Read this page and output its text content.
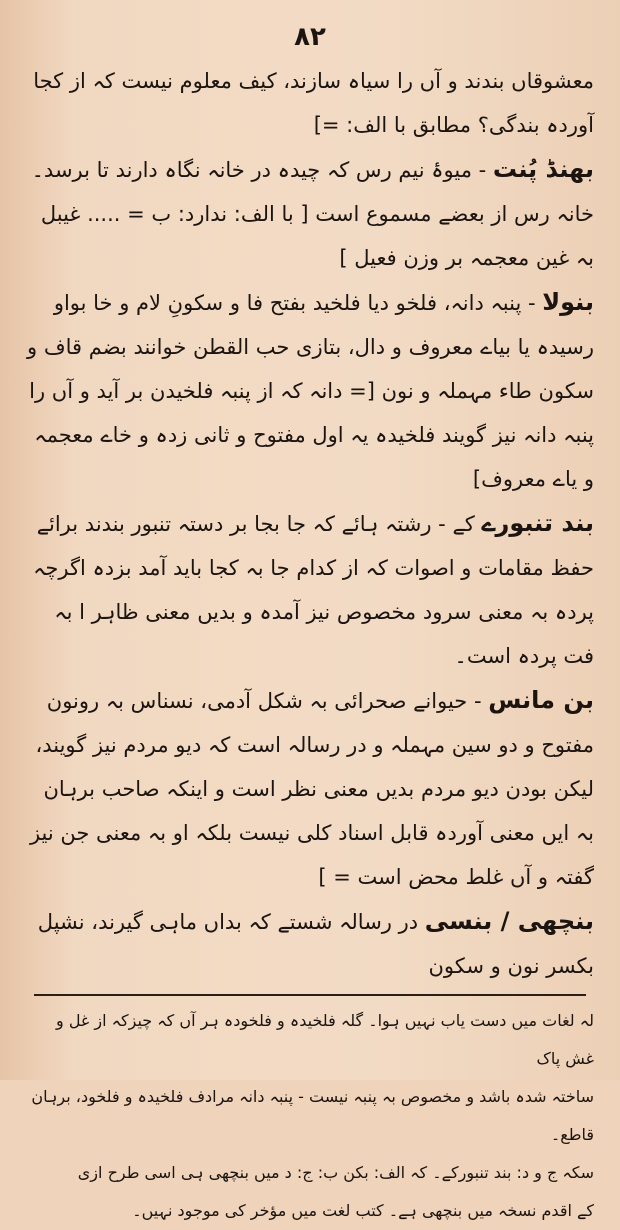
۸۲

معشوقاں بندند و آں را سیاہ سازند، کیف معلوم نیست کہ از کجا آوردہ بندگی؟ مطابق با الف: =]

بھنڈ پُنت - میوۂ نیم رس کہ چیدہ در خانہ نگاہ دارند تا برسد۔ خانہ رس از بعضے مسموع است [ با الف: ندارد: ب = ..... غیبل بہ غین معجمہ بر وزن فعیل ]

بنولا - پنبہ دانہ، فلخو دیا فلخید بفتح فا و سکونِ لام و خا بواو رسیدہ یا بیاے معروف و دال، بتازی حب القطن خوانند بضم قاف و سکون طاء مہملہ و نون [= دانہ کہ از پنبہ فلخیدن بر آید و آں را پنبہ دانہ نیز گویند فلخیدہ یہ اول مفتوح و ثانی زدہ و خاے معجمہ و یاے معروف]

بند تنبورے کے - رشتہ ہائے کہ جا بجا بر دستہ تنبور بندند برائے حفظ مقامات و اصوات کہ از کدام جا بہ کجا باید آمد بزدہ اگرچہ پردہ بہ معنی سرود مخصوص نیز آمدہ و بدیں معنی ظاہر ا بہ فت پردہ است۔

بن مانس - حیوانے صحرائی بہ شکل آدمی، نسناس بہ رونون مفتوح و دو سین مہملہ و در رسالہ است کہ دیو مردم نیز گویند، لیکن بودن دیو مردم بدیں معنی نظر است و اینکہ صاحب برہان بہ ایں معنی آوردہ قابل اسناد کلی نیست بلکہ او بہ معنی جن نیز گفتہ و آں غلط محض است = ]

بنچھی / بنسی در رسالہ شستے کہ بداں ماہی گیرند، نشپل بکسر نون و سکون

لہ لغات میں دست یاب نہیں ہوا۔ گلہ فلخیدہ و فلخودہ ہر آں کہ چیزکہ از غل و غش پاک

ساختہ شدہ باشد و مخصوص بہ پنبہ نیست - پنبہ دانہ مرادف فلخیدہ و فلخود، برہان قاطع۔

سکہ ج و د: بند تنبورکے۔ کہ الف: بکن ب: ج: د میں بنچھی ہی اسی طرح ازی

کے اقدم نسخہ میں بنچھی ہے۔ کتب لغت میں مؤخر کی موجود نہیں۔
